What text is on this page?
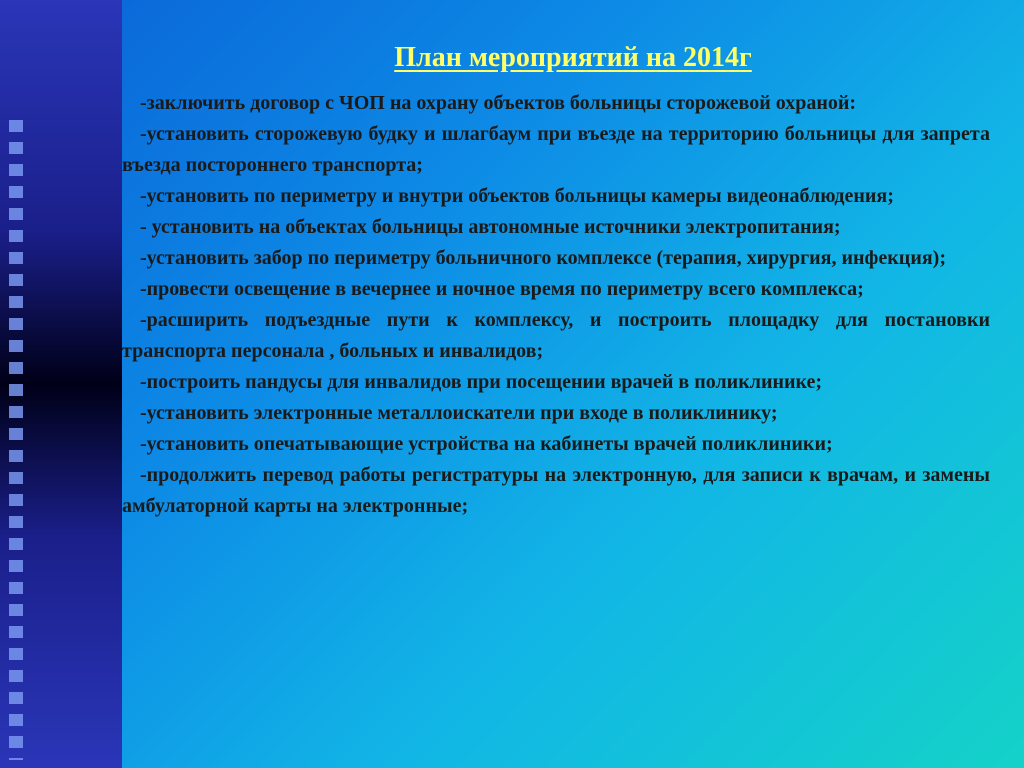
План мероприятий на 2014г

-заключить договор с ЧОП на охрану объектов больницы сторожевой охраной:

-установить сторожевую будку и шлагбаум при въезде на территорию больницы для запрета въезда постороннего транспорта;

-установить по периметру и внутри объектов больницы камеры видеонаблюдения;

- установить на объектах больницы автономные источники электропитания;

-установить забор по периметру больничного комплексе (терапия, хирургия, инфекция);

-провести освещение в вечернее и ночное время по периметру всего комплекса;

-расширить подъездные пути к комплексу, и построить площадку для постановки транспорта персонала , больных и инвалидов;

-построить пандусы для инвалидов при посещении врачей в поликлинике;

-установить электронные металлоискатели при входе в поликлинику;

-установить опечатывающие устройства на кабинеты врачей поликлиники;

-продолжить перевод работы регистратуры на электронную, для записи к врачам, и замены амбулаторной карты на электронные;
